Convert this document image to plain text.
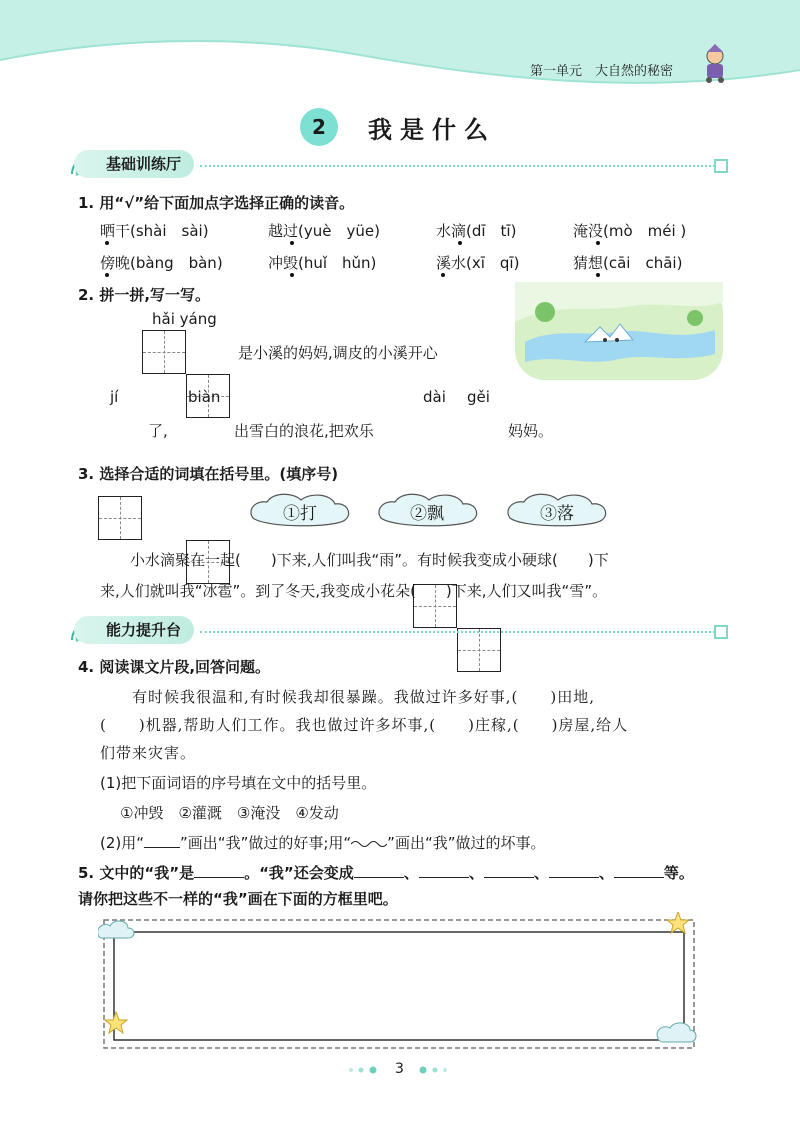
第一单元　大自然的秘密
2	我是什么
基础训练厅
1. 用“√”给下面加点字选择正确的读音。
晒干(shài　sài)	越过(yuè　yüe)	水滴(dī　tī)	淹没(mò　méi )
傍晚(bàng　bàn)	冲毁(huǐ　hǔn)	溪水(xī　qī)	猜想(cāi　chāi)
2. 拼一拼,写一写。
hǎi yáng
是小溪的妈妈,调皮的小溪开心
jí
了,
biàn
出雪白的浪花,把欢乐
dài gěi
妈妈。
3. 选择合适的词填在括号里。(填序号)
①打	②飘	③落
　　小水滴聚在一起(　　)下来,人们叫我“雨”。有时候我变成小硬球(　　)下
来,人们就叫我“冰雹”。到了冬天,我变成小花朵(　　)下来,人们又叫我“雪”。
能力提升台
4. 阅读课文片段,回答问题。
　　有时候我很温和,有时候我却很暴躁。我做过许多好事,(　　)田地,
(　　)机器,帮助人们工作。我也做过许多坏事,(　　)庄稼,(　　)房屋,给人
们带来灾害。
(1)把下面词语的序号填在文中的括号里。
①冲毁　②灌溉　③淹没　④发动
(2)用“ ”画出“我”做过的好事;用“ ”画出“我”做过的坏事。
5. 文中的“我”是	。“我”还会变成	、	、	、	、	等。
请你把这些不一样的“我”画在下面的方框里吧。
3
